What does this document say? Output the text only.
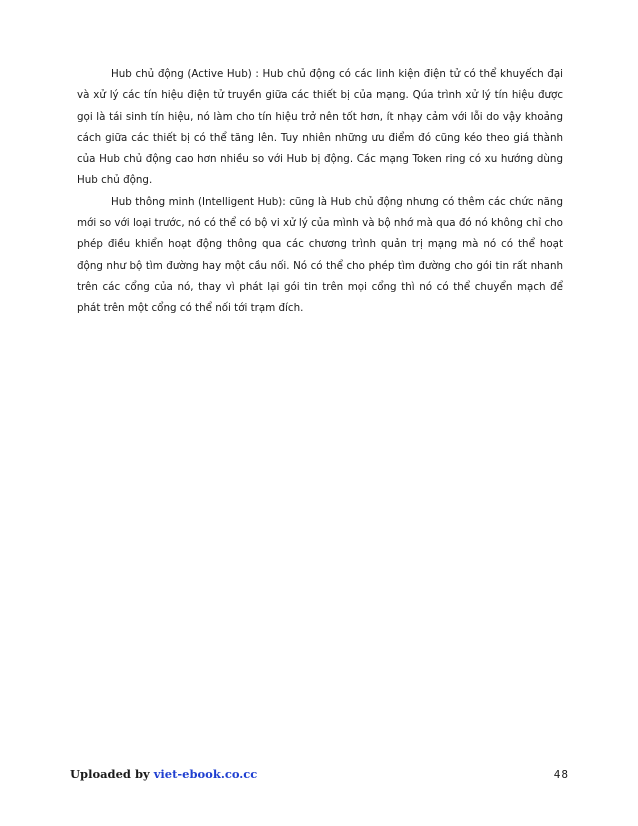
Hub chủ động (Active Hub) : Hub chủ động có các linh kiện điện tử có thể khuyếch đại và xử lý các tín hiệu điện tử truyền giữa các thiết bị của mạng. Qúa trình xử lý tín hiệu được gọi là tái sinh tín hiệu, nó làm cho tín hiệu trở nên tốt hơn, ít nhạy cảm với lỗi do vậy khoảng cách giữa các thiết bị có thể tăng lên. Tuy nhiên những ưu điểm đó cũng kéo theo giá thành của Hub chủ động cao hơn nhiều so với Hub bị động. Các mạng Token ring có xu hướng dùng Hub chủ động.

Hub thông minh (Intelligent Hub): cũng là Hub chủ động nhưng có thêm các chức năng mới so với loại trước, nó có thể có bộ vi xử lý của mình và bộ nhớ mà qua đó nó không chỉ cho phép điều khiển hoạt động thông qua các chương trình quản trị mạng mà nó có thể hoạt động như bộ tìm đường hay một cầu nối. Nó có thể cho phép tìm đường cho gói tin rất nhanh trên các cổng của nó, thay vì phát lại gói tin trên mọi cổng thì nó có thể chuyển mạch để phát trên một cổng có thể nối tới trạm đích.

Uploaded by viet-ebook.co.cc	48
